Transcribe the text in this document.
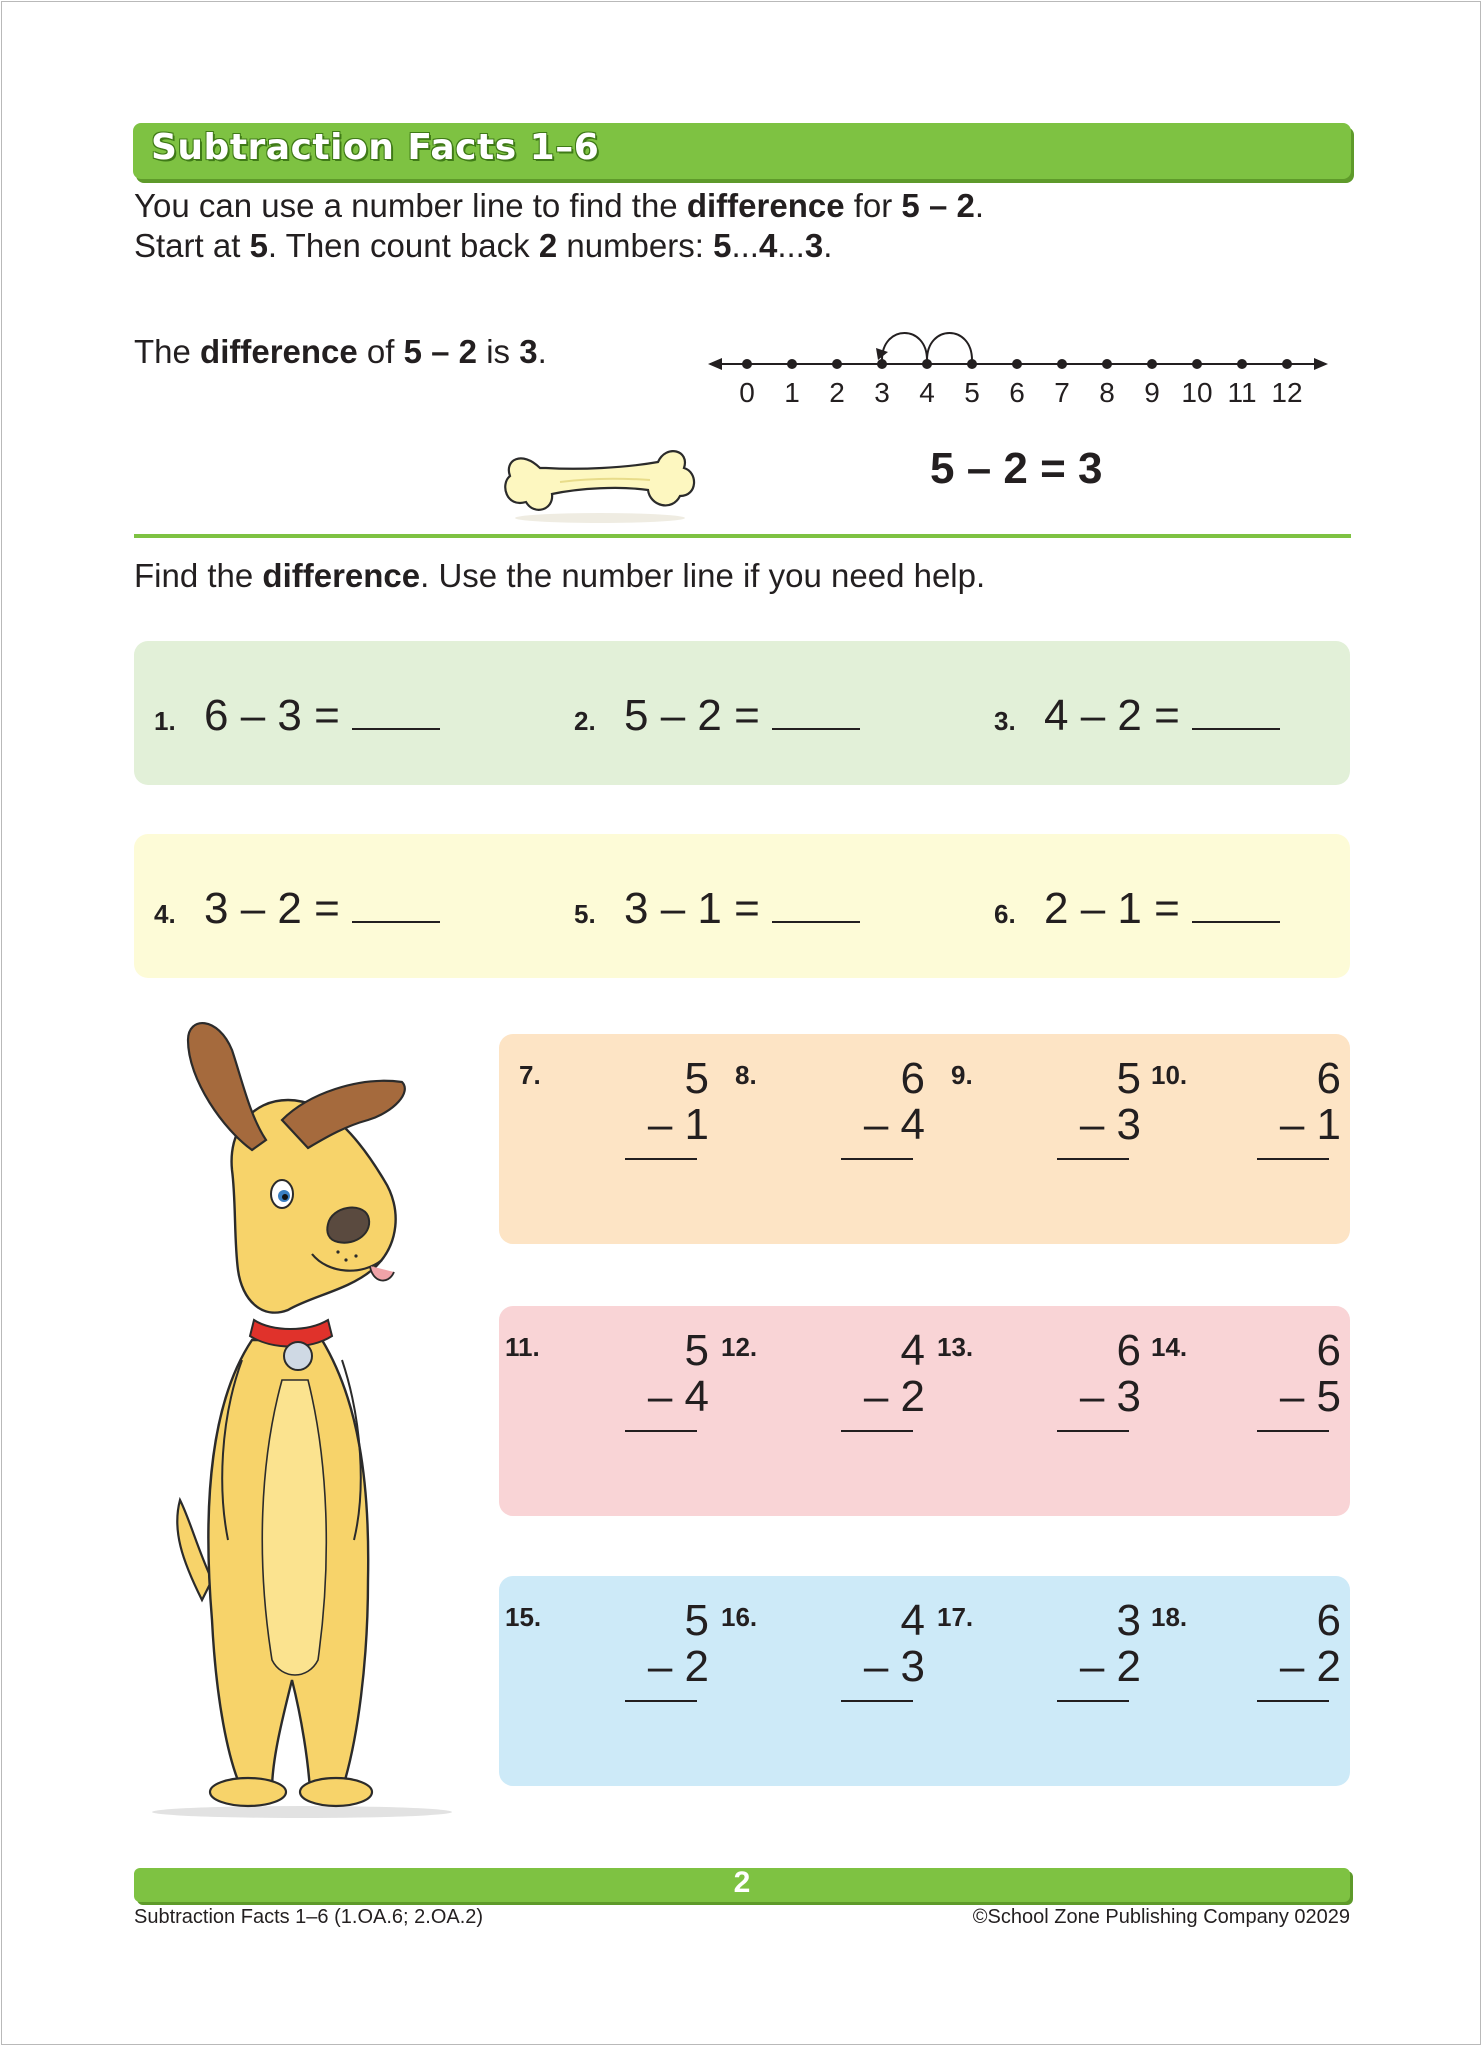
Subtraction Facts 1–6
You can use a number line to find the difference for 5 – 2.
Start at 5. Then count back 2 numbers: 5...4...3.
The difference of 5 – 2 is 3.
0 1 2 3 4 5 6 7 8 9 10 11 12
5 – 2 = 3
Find the difference. Use the number line if you need help.
1. 6 – 3 =	2. 5 – 2 =	3. 4 – 2 =
4. 3 – 2 =	5. 3 – 1 =	6. 2 – 1 =
7.	5
– 1
8.	6
– 4
9.	5
– 3
10.	6
– 1
11.	5
– 4
12.	4
– 2
13.	6
– 3
14.	6
– 5
15.	5
– 2
16.	4
– 3
17.	3
– 2
18.	6
– 2
2
Subtraction Facts 1–6 (1.OA.6; 2.OA.2)	©School Zone Publishing Company 02029
